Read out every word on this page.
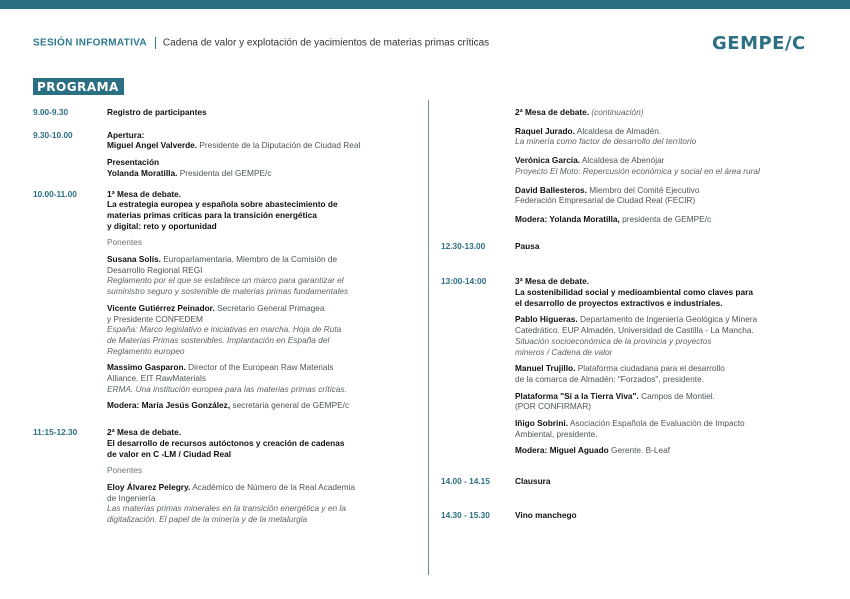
SESIÓN INFORMATIVA Cadena de valor y explotación de yacimientos de materias primas críticas	GEMPE/C
PROGRAMA
9.00-9.30	Registro de participantes
9.30-10.00	Apertura:
Miguel Angel Valverde. Presidente de la Diputación de Ciudad Real
Presentación
Yolanda Moratilla. Presidenta del GEMPE/c
10.00-11.00	1ª Mesa de debate.
La estrategia europea y española sobre abastecimiento de
materias primas críticas para la transición energética
y digital: reto y oportunidad
Ponentes
Susana Solís. Europarlamentaria. Miembro de la Comisión de
Desarrollo Regional REGI
Reglamento por el que se establece un marco para garantizar el
suministro seguro y sostenible de materias primas fundamentales
Vicente Gutiérrez Peinador. Secretario General Primagea
y Presidente CONFEDEM
España: Marco legislativo e iniciativas en marcha. Hoja de Ruta
de Materias Primas sostenibles. Implantación en España del
Reglamento europeo
Massimo Gasparon. Director of the European Raw Materials
Alliance. EIT RawMaterials
ERMA. Una institución europea para las materias primas críticas.
Modera: María Jesús González, secretaria general de GEMPE/c
11:15-12.30	2ª Mesa de debate.
El desarrollo de recursos autóctonos y creación de cadenas
de valor en C -LM / Ciudad Real
Ponentes
Eloy Álvarez Pelegry. Académico de Número de la Real Academia
de Ingeniería
Las materias primas minerales en la transición energética y en la
digitalización. El papel de la minería y de la metalurgia
2ª Mesa de debate. (continuación)
Raquel Jurado. Alcaldesa de Almadén.
La minería como factor de desarrollo del territorio
Verónica García. Alcaldesa de Abenójar
Proyecto El Moto: Repercusión económica y social en el área rural
David Ballesteros. Miembro del Comité Ejecutivo
Federación Empresarial de Ciudad Real (FECIR)
Modera: Yolanda Moratilla, presidenta de GEMPE/c
12.30-13.00	Pausa
13:00-14:00	3ª Mesa de debate.
La sostenibilidad social y medioambiental como claves para
el desarrollo de proyectos extractivos e industriales.
Pablo Higueras. Departamento de Ingeniería Geológica y Minera
Catedrático. EUP Almadén. Universidad de Castilla - La Mancha.
Situación socioeconómica de la provincia y proyectos
mineros / Cadena de valor
Manuel Trujillo. Plataforma ciudadana para el desarrollo
de la comarca de Almadén: "Forzados", presidente.
Plataforma "Sí a la Tierra Viva". Campos de Montiel.
(POR CONFIRMAR)
Iñigo Sobrini. Asociación Española de Evaluación de Impacto
Ambiental, presidente.
Modera: Miguel Aguado Gerente. B-Leaf
14.00 - 14.15	Clausura
14.30 - 15.30	Vino manchego
